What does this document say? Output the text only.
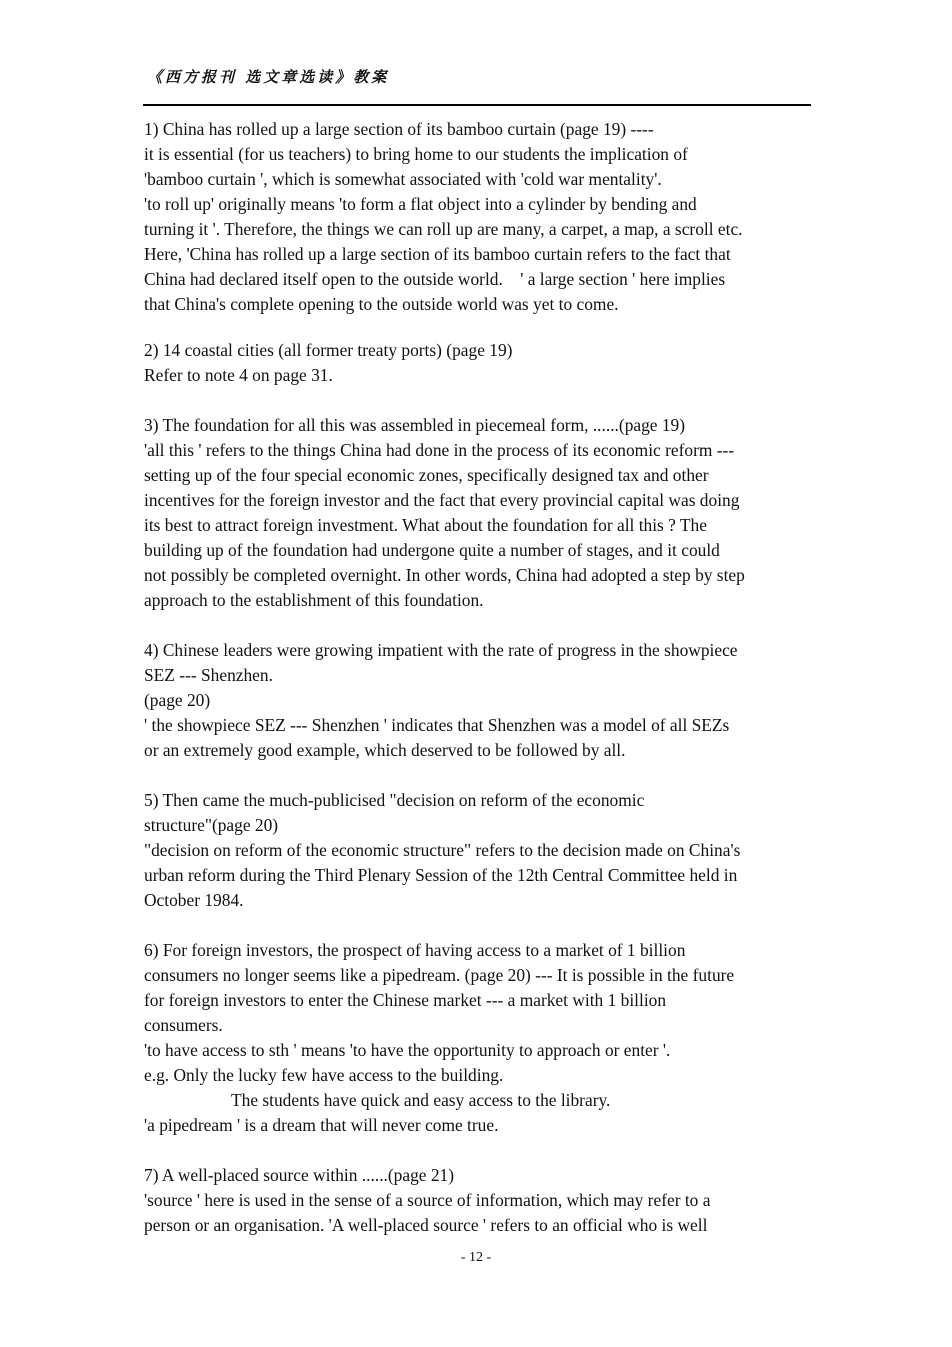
《西方报刊 选文章选读》教案
1) China has rolled up a large section of its bamboo curtain (page 19) ----
it is essential (for us teachers) to bring home to our students the implication of
'bamboo curtain ', which is somewhat associated with 'cold war mentality'.
'to roll up' originally means 'to form a flat object into a cylinder by bending and
turning it '. Therefore, the things we can roll up are many, a carpet, a map, a scroll etc.
Here, 'China has rolled up a large section of its bamboo curtain refers to the fact that
China had declared itself open to the outside world.    ' a large section ' here implies
that China's complete opening to the outside world was yet to come.
2) 14 coastal cities (all former treaty ports) (page 19)
Refer to note 4 on page 31.
3) The foundation for all this was assembled in piecemeal form, ......(page 19)
'all this ' refers to the things China had done in the process of its economic reform ---
setting up of the four special economic zones, specifically designed tax and other
incentives for the foreign investor and the fact that every provincial capital was doing
its best to attract foreign investment. What about the foundation for all this ? The
building up of the foundation had undergone quite a number of stages, and it could
not possibly be completed overnight. In other words, China had adopted a step by step
approach to the establishment of this foundation.
4) Chinese leaders were growing impatient with the rate of progress in the showpiece
SEZ --- Shenzhen.
(page 20)
' the showpiece SEZ --- Shenzhen ' indicates that Shenzhen was a model of all SEZs
or an extremely good example, which deserved to be followed by all.
5) Then came the much-publicised "decision on reform of the economic
structure"(page 20)
"decision on reform of the economic structure" refers to the decision made on China's
urban reform during the Third Plenary Session of the 12th Central Committee held in
October 1984.
6) For foreign investors, the prospect of having access to a market of 1 billion
consumers no longer seems like a pipedream. (page 20) --- It is possible in the future
for foreign investors to enter the Chinese market --- a market with 1 billion
consumers.
'to have access to sth ' means 'to have the opportunity to approach or enter '.
e.g. Only the lucky few have access to the building.
The students have quick and easy access to the library.
'a pipedream ' is a dream that will never come true.
7) A well-placed source within ......(page 21)
'source ' here is used in the sense of a source of information, which may refer to a
person or an organisation. 'A well-placed source ' refers to an official who is well
- 12 -
